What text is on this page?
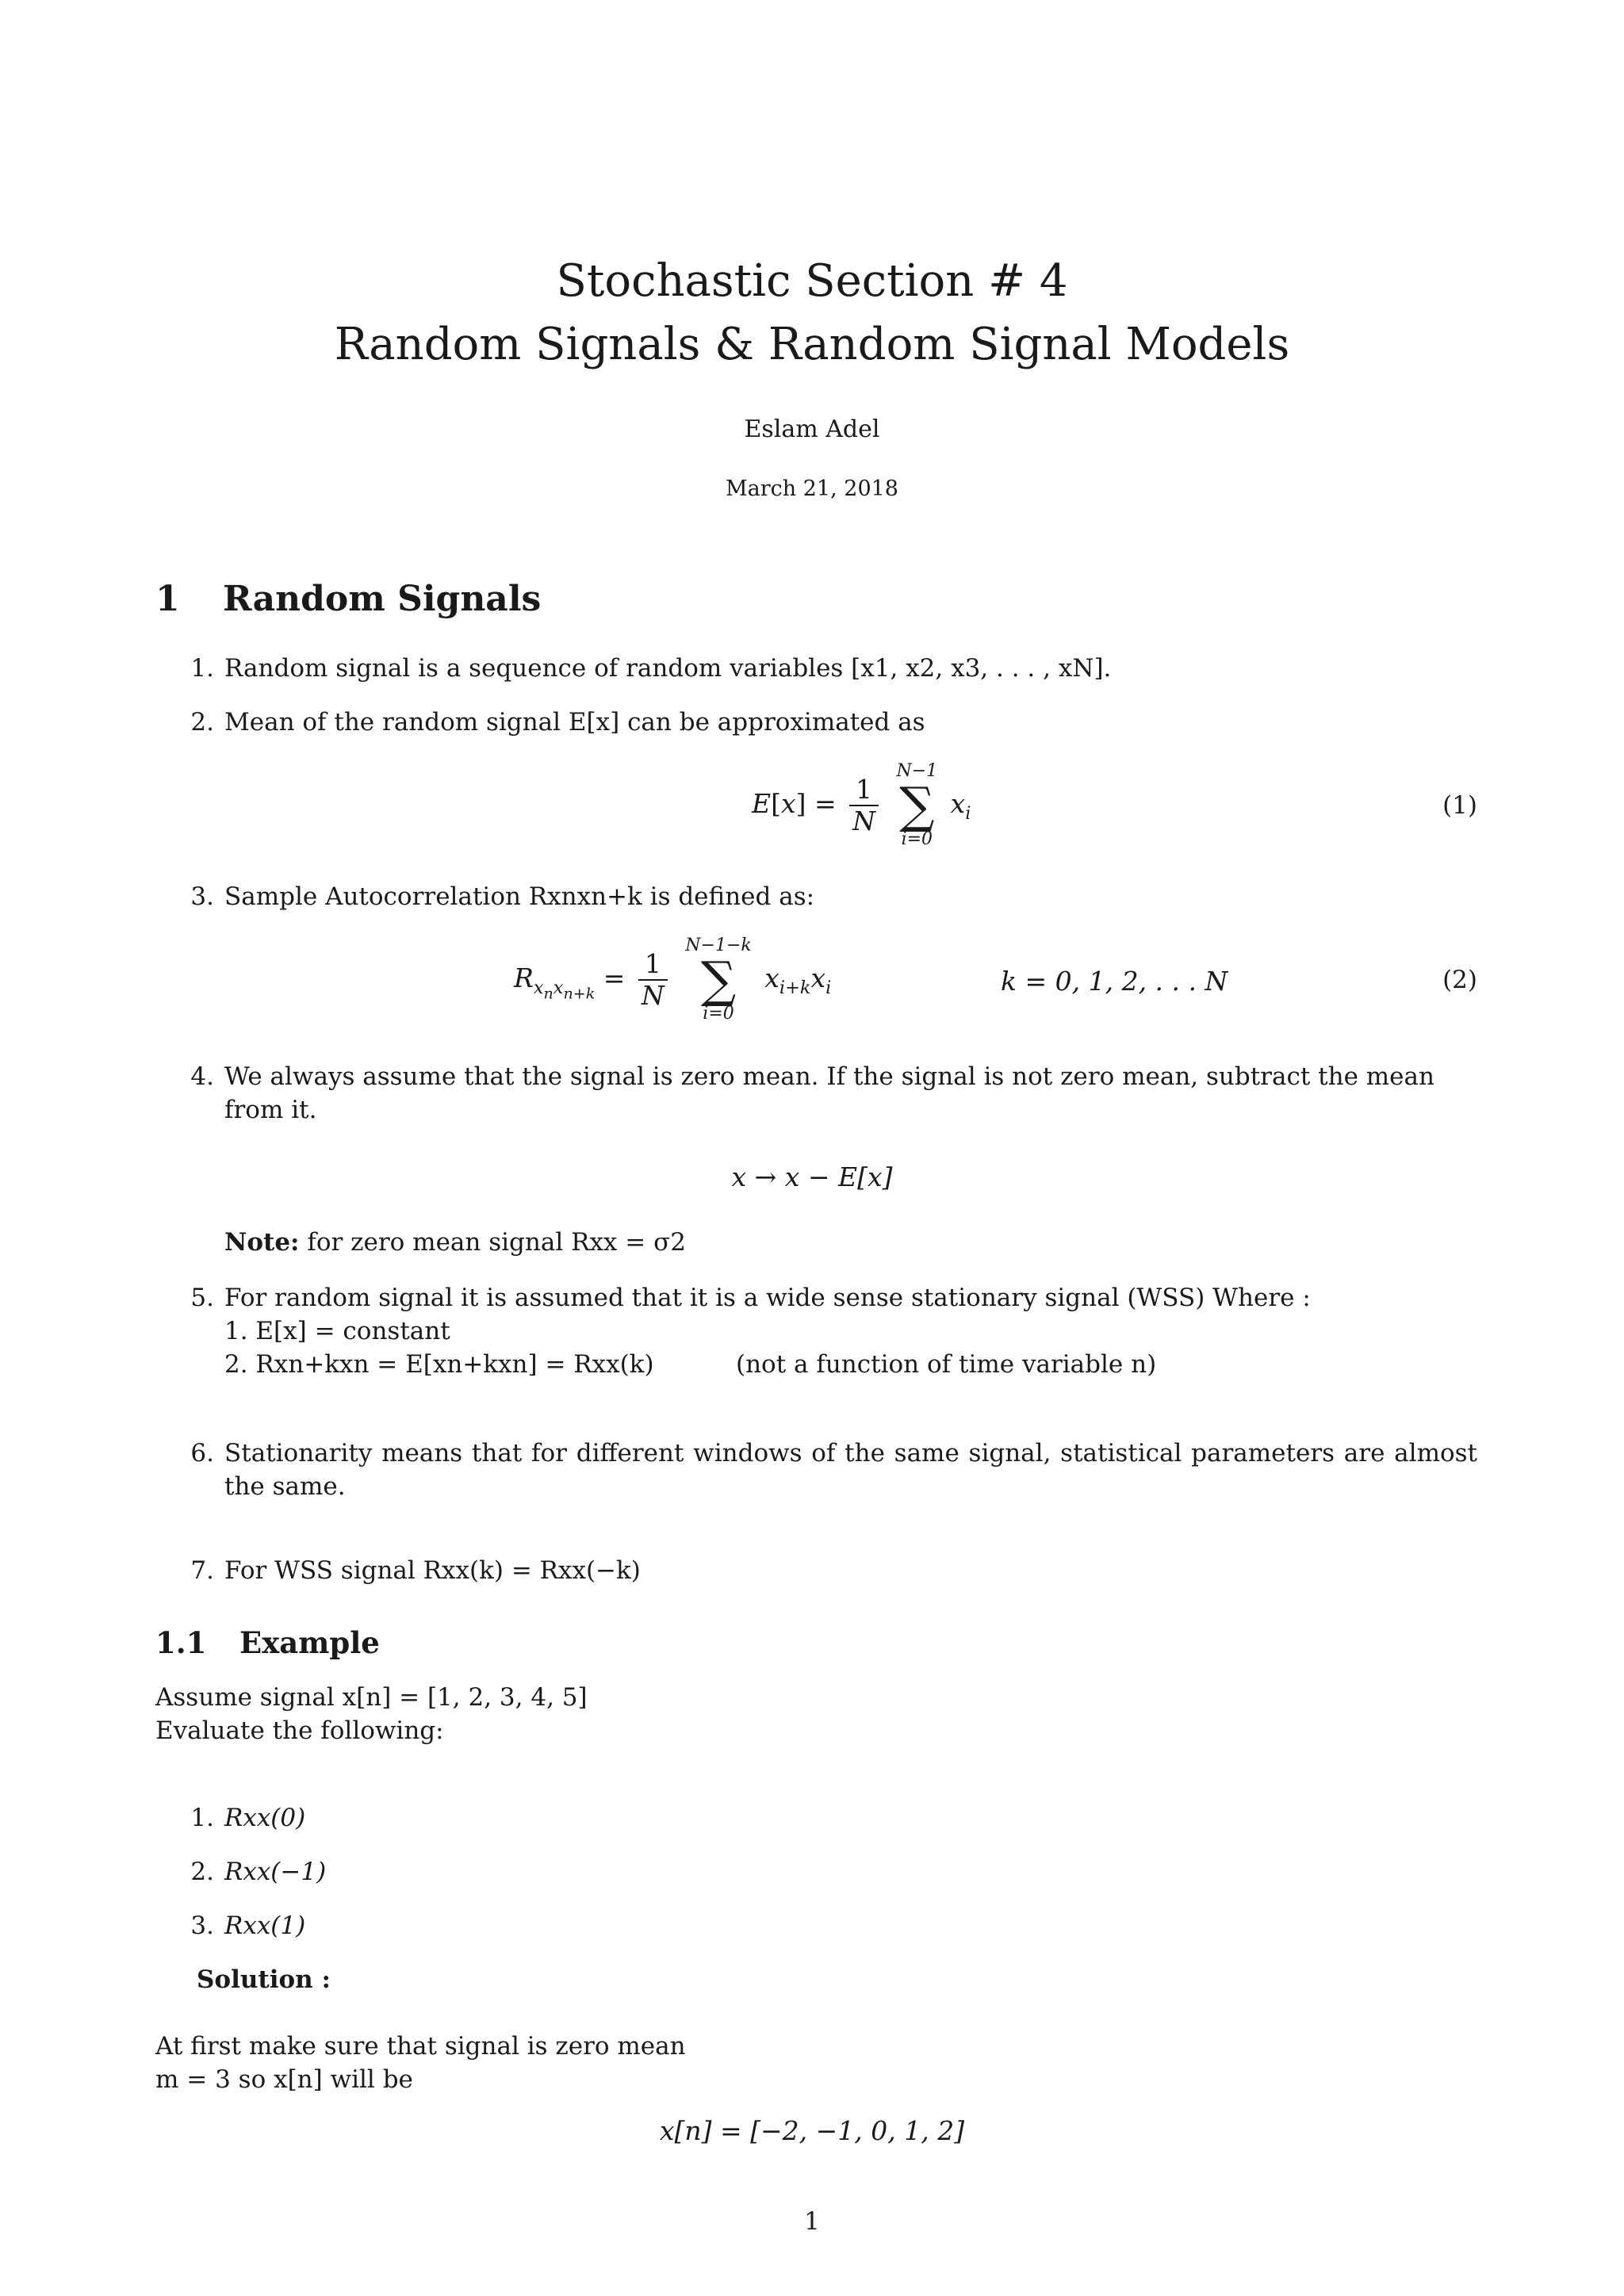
Stochastic Section # 4
Random Signals & Random Signal Models
Eslam Adel
March 21, 2018
1 Random Signals
1. Random signal is a sequence of random variables [x1, x2, x3, . . . , xN].
2. Mean of the random signal E[x] can be approximated as
$E[x] = \frac{1}{N}$

N−1
∑
i=0
$x_i$	(1)
3. Sample Autocorrelation Rxnxn+k is defined as:
$R_{x_nx_{n+k}} = \frac{1}{N}$

N−1−k
∑
i=0
$x_{i+k}x_i$	k = 0, 1, 2, . . . N	(2)
4. We always assume that the signal is zero mean. If the signal is not zero mean, subtract the mean from it.
x → x − E[x]
Note: for zero mean signal Rxx = σ2
5. For random signal it is assumed that it is a wide sense stationary signal (WSS) Where :
1. E[x] = constant
2. Rxn+kxn = E[xn+kxn] = Rxx(k)	(not a function of time variable n)
6. Stationarity means that for different windows of the same signal, statistical parameters are almost the same.
7. For WSS signal Rxx(k) = Rxx(−k)
1.1 Example
Assume signal x[n] = [1, 2, 3, 4, 5]
Evaluate the following:
1. Rxx(0)
2. Rxx(−1)
3. Rxx(1)
Solution :
At first make sure that signal is zero mean
m = 3 so x[n] will be
x[n] = [−2, −1, 0, 1, 2]
1
